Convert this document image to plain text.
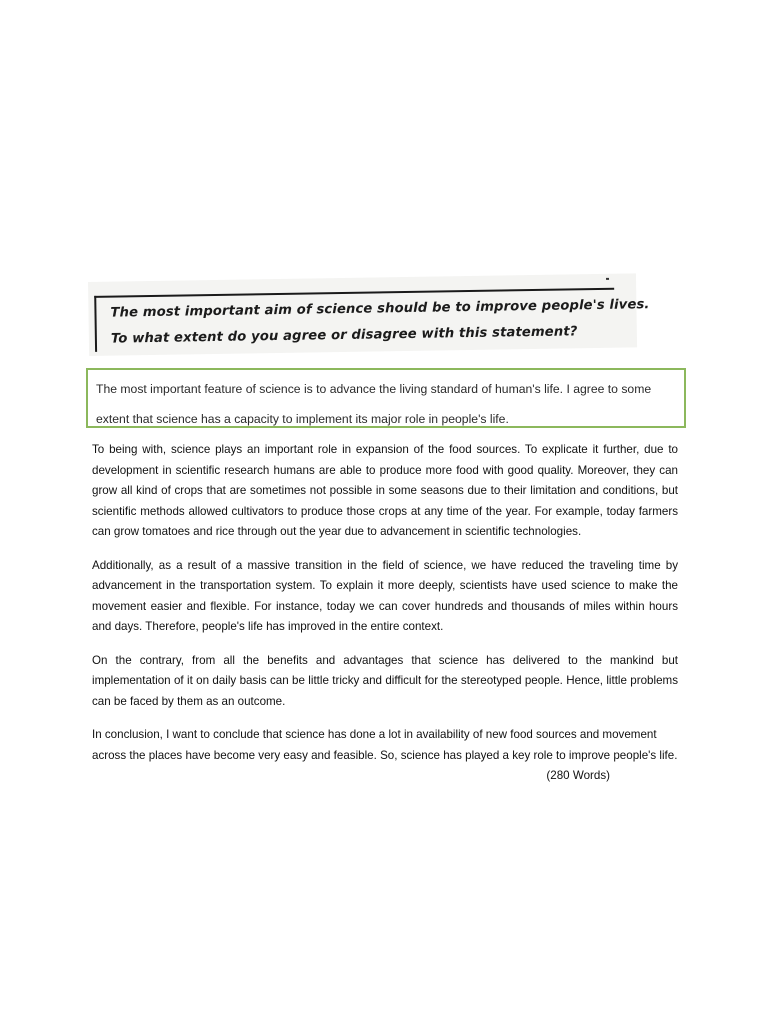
The most important aim of science should be to improve people's lives.
To what extent do you agree or disagree with this statement?
The most important feature of science is to advance the living standard of human's life. I agree to some extent that science has a capacity to implement its major role in people's life.

To being with, science plays an important role in expansion of the food sources. To explicate it further, due to development in scientific research humans are able to produce more food with good quality. Moreover, they can grow all kind of crops that are sometimes not possible in some seasons due to their limitation and conditions, but scientific methods allowed cultivators to produce those crops at any time of the year. For example, today farmers can grow tomatoes and rice through out the year due to advancement in scientific technologies.

Additionally, as a result of a massive transition in the field of science, we have reduced the traveling time by advancement in the transportation system. To explain it more deeply, scientists have used science to make the movement easier and flexible. For instance, today we can cover hundreds and thousands of miles within hours and days. Therefore, people's life has improved in the entire context.

On the contrary, from all the benefits and advantages that science has delivered to the mankind but implementation of it on daily basis can be little tricky and difficult for the stereotyped people. Hence, little problems can be faced by them as an outcome.

In conclusion, I want to conclude that science has done a lot in availability of new food sources and movement across the places have become very easy and feasible. So, science has played a key role to improve people's life.
(280 Words)
